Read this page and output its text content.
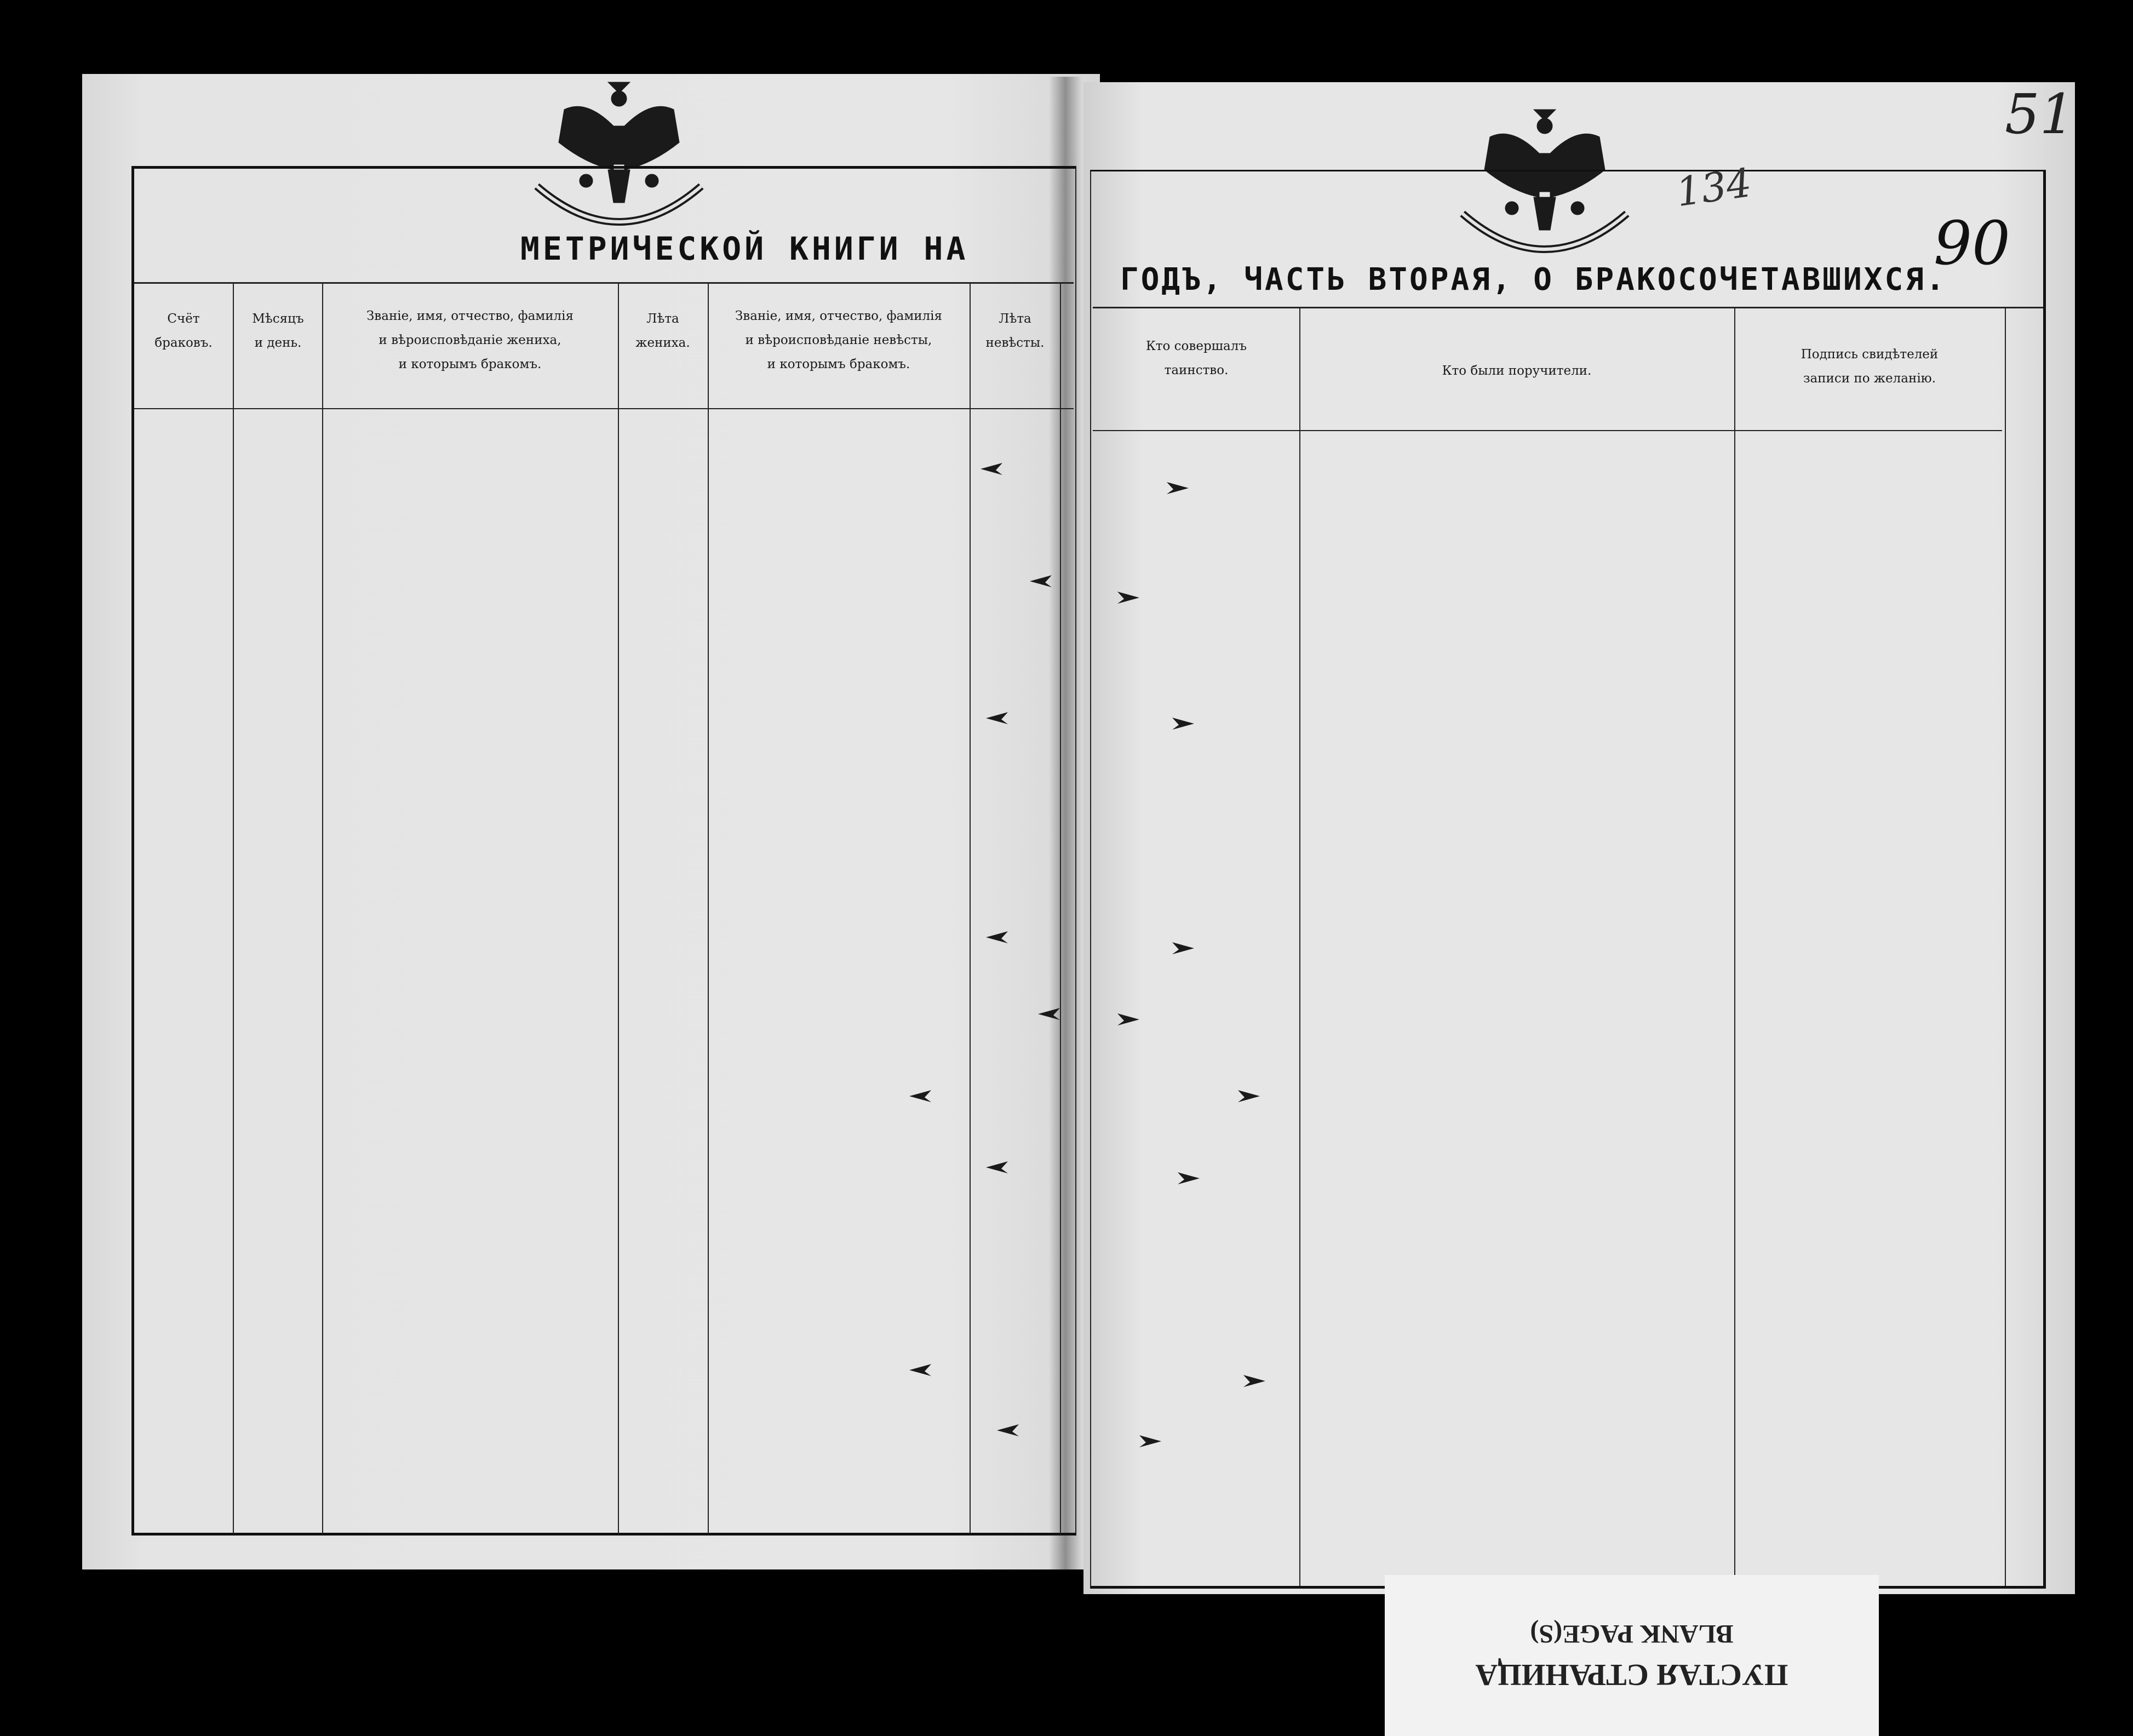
МЕТРИЧЕСКОЙ КНИГИ НА
ГОДЪ, ЧАСТЬ ВТОРАЯ, О БРАКОСОЧЕТАВШИХСЯ.
Счёт
браковъ.
Мѣсяцъ
и день.
Званіе, имя, отчество, фамилія
и вѣроисповѣданіе жениха,
и которымъ бракомъ.
Лѣта
жениха.
Званіе, имя, отчество, фамилія
и вѣроисповѣданіе невѣсты,
и которымъ бракомъ.
Лѣта
невѣсты.	Кто совершалъ
таинство.	Кто были поручители.
Подпись свидѣтелей
записи по желанію.
134
90
51
BLANK PAGE(S)
ПУСТАЯ СТРАНИЦА
